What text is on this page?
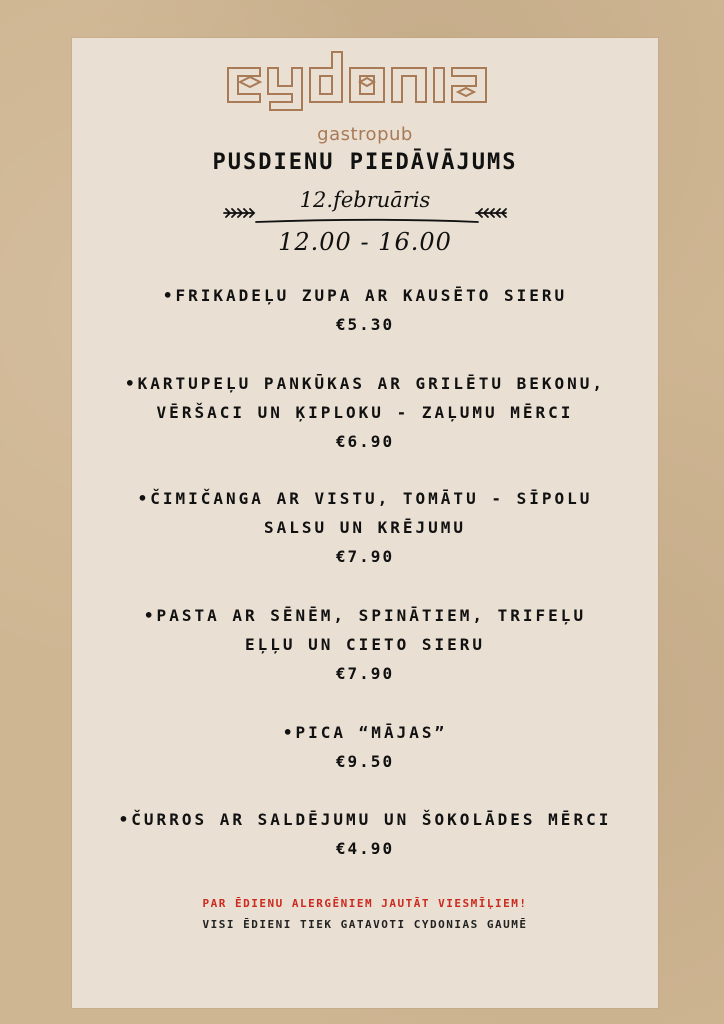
gastropub
PUSDIENU PIEDĀVĀJUMS
12.februāris
12.00 - 16.00
•FRIKADEĻU ZUPA AR KAUSĒTO SIERU
€5.30
•KARTUPEĻU PANKŪKAS AR GRILĒTU BEKONU,
VĒRŠACI UN ĶIPLOKU - ZAĻUMU MĒRCI
€6.90
•ČIMIČANGA AR VISTU, TOMĀTU - SĪPOLU
SALSU UN KRĒJUMU
€7.90
•PASTA AR SĒNĒM, SPINĀTIEM, TRIFEĻU
EĻĻU UN CIETO SIERU
€7.90
•PICA “MĀJAS”
€9.50
•ČURROS AR SALDĒJUMU UN ŠOKOLĀDES MĒRCI
€4.90
PAR ĒDIENU ALERGĒNIEM JAUTĀT VIESMĪĻIEM!
VISI ĒDIENI TIEK GATAVOTI CYDONIAS GAUMĒ
